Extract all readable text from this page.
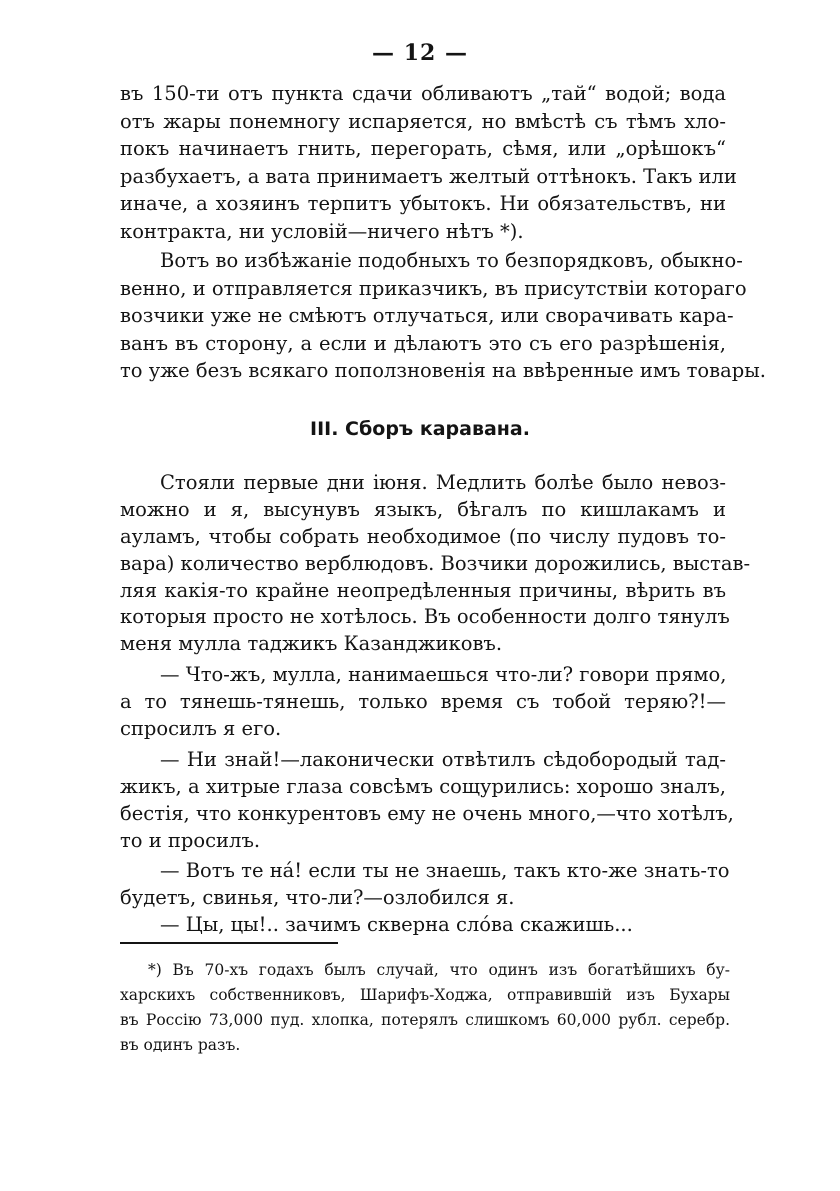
— 12 —
въ 150-ти отъ пункта сдачи обливаютъ „тай“ водой; вода
отъ жары понемногу испаряется, но вмѣстѣ съ тѣмъ хло-
покъ начинаетъ гнить, перегорать, сѣмя, или „орѣшокъ“
разбухаетъ, а вата принимаетъ желтый оттѣнокъ. Такъ или
иначе, а хозяинъ терпитъ убытокъ. Ни обязательствъ, ни
контракта, ни условій—ничего нѣтъ *).
Вотъ во избѣжаніе подобныхъ то безпорядковъ, обыкно-
венно, и отправляется приказчикъ, въ присутствіи котораго
возчики уже не смѣютъ отлучаться, или сворачивать кара-
ванъ въ сторону, а если и дѣлаютъ это съ его разрѣшенія,
то уже безъ всякаго поползновенія на ввѣренные имъ товары.
III. Сборъ каравана.
Стояли первые дни іюня. Медлить болѣе было невоз-
можно и я, высунувъ языкъ, бѣгалъ по кишлакамъ и
ауламъ, чтобы собрать необходимое (по числу пудовъ то-
вара) количество верблюдовъ. Возчики дорожились, выстав-
ляя какія-то крайне неопредѣленныя причины, вѣрить въ
которыя просто не хотѣлось. Въ особенности долго тянулъ
меня мулла таджикъ Казанджиковъ.
— Что-жъ, мулла, нанимаешься что-ли? говори прямо,
а то тянешь-тянешь, только время съ тобой теряю?!—
спросилъ я его.
— Ни знай!—лаконически отвѣтилъ сѣдобородый тад-
жикъ, а хитрые глаза совсѣмъ сощурились: хорошо зналъ,
бестія, что конкурентовъ ему не очень много,—что хотѣлъ,
то и просилъ.
— Вотъ те нá! если ты не знаешь, такъ кто-же знать-то
будетъ, свинья, что-ли?—озлобился я.
— Цы, цы!.. зачимъ скверна слóва скажишь...
*) Въ 70-хъ годахъ былъ случай, что одинъ изъ богатѣйшихъ бу-
харскихъ собственниковъ, Шарифъ-Ходжа, отправившій изъ Бухары
въ Россію 73,000 пуд. хлопка, потерялъ слишкомъ 60,000 рубл. серебр.
въ одинъ разъ.
